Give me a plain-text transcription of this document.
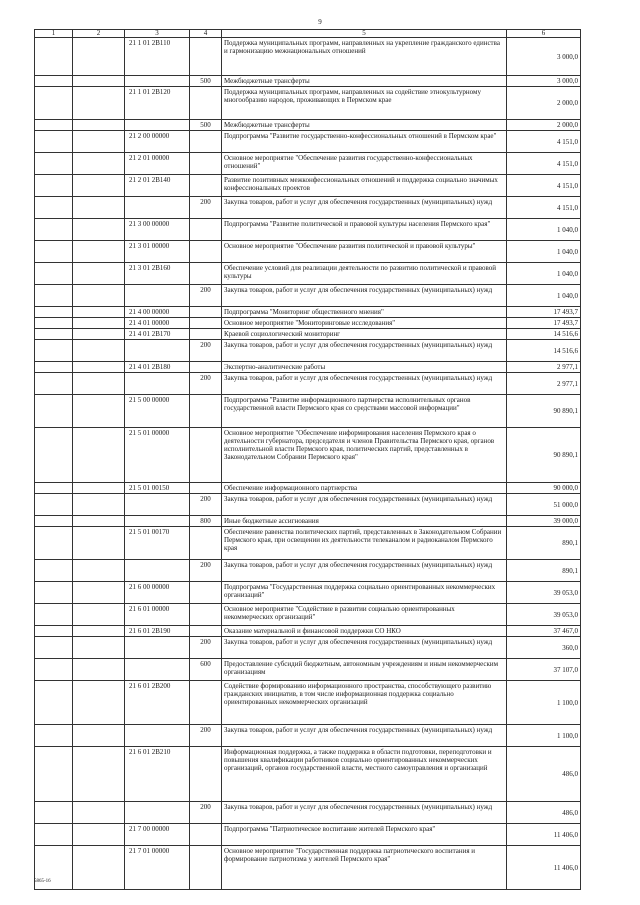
9
1	2	3	4	5	6
		21 1 01 2В110		Поддержка муниципальных программ, направленных на укрепление гражданского единства и гармонизацию межнациональных отношений	3 000,0
			500	Межбюджетные трансферты	3 000,0
		21 1 01 2В120		Поддержка муниципальных программ, направленных на содействие этнокультурному многообразию народов, проживающих в Пермском крае	2 000,0
			500	Межбюджетные трансферты	2 000,0
		21 2 00 00000		Подпрограмма "Развитие государственно-конфессиональных отношений в Пермском крае"	4 151,0
		21 2 01 00000		Основное мероприятие "Обеспечение развития государственно-конфессиональных отношений"	4 151,0
		21 2 01 2В140		Развитие позитивных межконфессиональных отношений и поддержка социально значимых конфессиональных проектов	4 151,0
			200	Закупка товаров, работ и услуг для обеспечения государственных (муниципальных) нужд	4 151,0
		21 3 00 00000		Подпрограмма "Развитие политической и правовой культуры населения Пермского края"	1 040,0
		21 3 01 00000		Основное мероприятие "Обеспечение развития политической и правовой культуры"	1 040,0
		21 3 01 2В160		Обеспечение условий для реализации деятельности по развитию политической и правовой культуры	1 040,0
			200	Закупка товаров, работ и услуг для обеспечения государственных (муниципальных) нужд	1 040,0
		21 4 00 00000		Подпрограмма "Мониторинг общественного мнения"	17 493,7
		21 4 01 00000		Основное мероприятие "Мониторинговые исследования"	17 493,7
		21 4 01 2В170		Краевой социологический мониторинг	14 516,6
			200	Закупка товаров, работ и услуг для обеспечения государственных (муниципальных) нужд	14 516,6
		21 4 01 2В180		Экспертно-аналитические работы	2 977,1
			200	Закупка товаров, работ и услуг для обеспечения государственных (муниципальных) нужд	2 977,1
		21 5 00 00000		Подпрограмма "Развитие информационного партнерства исполнительных органов государственной власти Пермского края со средствами массовой информации"	90 890,1
		21 5 01 00000		Основное мероприятие "Обеспечение информирования населения Пермского края о деятельности губернатора, председателя и членов Правительства Пермского края, органов исполнительной власти Пермского края, политических партий, представленных в Законодательном Собрании Пермского края"	90 890,1
		21 5 01 00150		Обеспечение информационного партнерства	90 000,0
			200	Закупка товаров, работ и услуг для обеспечения государственных (муниципальных) нужд	51 000,0
			800	Иные бюджетные ассигнования	39 000,0
		21 5 01 00170		Обеспечение равенства политических партий, представленных в Законодательном Собрании Пермского края, при освещении их деятельности телеканалом и радиоканалом Пермского края	890,1
			200	Закупка товаров, работ и услуг для обеспечения государственных (муниципальных) нужд	890,1
		21 6 00 00000		Подпрограмма "Государственная поддержка социально ориентированных некоммерческих организаций"	39 053,0
		21 6 01 00000		Основное мероприятие "Содействие в развитии социально ориентированных некоммерческих организаций"	39 053,0
		21 6 01 2В190		Оказание материальной и финансовой поддержки СО НКО	37 467,0
			200	Закупка товаров, работ и услуг для обеспечения государственных (муниципальных) нужд	360,0
			600	Предоставление субсидий бюджетным, автономным учреждениям и иным некоммерческим организациям	37 107,0
		21 6 01 2В200		Содействие формированию информационного пространства, способствующего развитию гражданских инициатив, в том числе информационная поддержка социально ориентированных некоммерческих организаций	1 100,0
			200	Закупка товаров, работ и услуг для обеспечения государственных (муниципальных) нужд	1 100,0
		21 6 01 2В210		Информационная поддержка, а также поддержка в области подготовки, переподготовки и повышения квалификации работников социально ориентированных некоммерческих организаций, органов государственной власти, местного самоуправления и организаций	486,0
			200	Закупка товаров, работ и услуг для обеспечения государственных (муниципальных) нужд	486,0
		21 7 00 00000		Подпрограмма "Патриотическое воспитание жителей Пермского края"	11 406,0
		21 7 01 00000		Основное мероприятие "Государственная поддержка патриотического воспитания и формирование патриотизма у жителей Пермского края"	11 406,0
5865-16
